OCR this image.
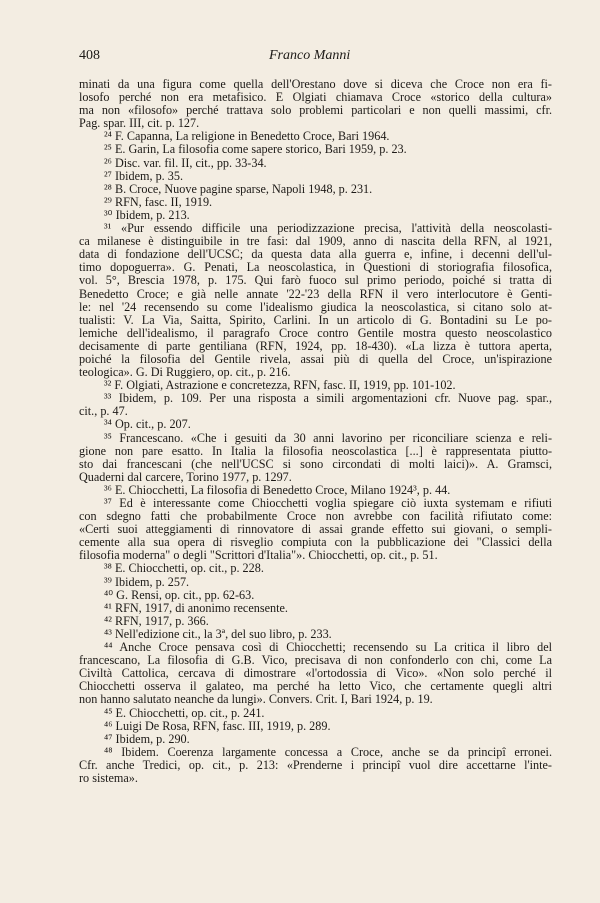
408	Franco Manni
minati da una figura come quella dell'Orestano dove si diceva che Croce non era fi-
losofo perché non era metafisico. E Olgiati chiamava Croce «storico della cultura»
ma non «filosofo» perché trattava solo problemi particolari e non quelli massimi, cfr.
Pag. spar. III, cit. p. 127.
²⁴ F. Capanna, La religione in Benedetto Croce, Bari 1964.
²⁵ E. Garin, La filosofia come sapere storico, Bari 1959, p. 23.
²⁶ Disc. var. fil. II, cit., pp. 33-34.
²⁷ Ibidem, p. 35.
²⁸ B. Croce, Nuove pagine sparse, Napoli 1948, p. 231.
²⁹ RFN, fasc. II, 1919.
³⁰ Ibidem, p. 213.
³¹ «Pur essendo difficile una periodizzazione precisa, l'attività della neoscolasti-
ca milanese è distinguibile in tre fasi: dal 1909, anno di nascita della RFN, al 1921,
data di fondazione dell'UCSC; da questa data alla guerra e, infine, i decenni dell'ul-
timo dopoguerra». G. Penati, La neoscolastica, in Questioni di storiografia filosofica,
vol. 5°, Brescia 1978, p. 175. Qui farò fuoco sul primo periodo, poiché si tratta di
Benedetto Croce; e già nelle annate '22-'23 della RFN il vero interlocutore è Genti-
le: nel '24 recensendo su come l'idealismo giudica la neoscolastica, si citano solo at-
tualisti: V. La Via, Saitta, Spirito, Carlini. In un articolo di G. Bontadini su Le po-
lemiche dell'idealismo, il paragrafo Croce contro Gentile mostra questo neoscolastico
decisamente di parte gentiliana (RFN, 1924, pp. 18-430). «La lizza è tuttora aperta,
poiché la filosofia del Gentile rivela, assai più di quella del Croce, un'ispirazione
teologica». G. Di Ruggiero, op. cit., p. 216.
³² F. Olgiati, Astrazione e concretezza, RFN, fasc. II, 1919, pp. 101-102.
³³ Ibidem, p. 109. Per una risposta a simili argomentazioni cfr. Nuove pag. spar.,
cit., p. 47.
³⁴ Op. cit., p. 207.
³⁵ Francescano. «Che i gesuiti da 30 anni lavorino per riconciliare scienza e reli-
gione non pare esatto. In Italia la filosofia neoscolastica [...] è rappresentata piutto-
sto dai francescani (che nell'UCSC si sono circondati di molti laici)». A. Gramsci,
Quaderni dal carcere, Torino 1977, p. 1297.
³⁶ E. Chiocchetti, La filosofia di Benedetto Croce, Milano 1924³, p. 44.
³⁷ Ed è interessante come Chiocchetti voglia spiegare ciò iuxta systemam e rifiuti
con sdegno fatti che probabilmente Croce non avrebbe con facilità rifiutato come:
«Certi suoi atteggiamenti di rinnovatore di assai grande effetto sui giovani, o sempli-
cemente alla sua opera di risveglio compiuta con la pubblicazione dei "Classici della
filosofia moderna" o degli "Scrittori d'Italia"». Chiocchetti, op. cit., p. 51.
³⁸ E. Chiocchetti, op. cit., p. 228.
³⁹ Ibidem, p. 257.
⁴⁰ G. Rensi, op. cit., pp. 62-63.
⁴¹ RFN, 1917, di anonimo recensente.
⁴² RFN, 1917, p. 366.
⁴³ Nell'edizione cit., la 3ª, del suo libro, p. 233.
⁴⁴ Anche Croce pensava così di Chiocchetti; recensendo su La critica il libro del
francescano, La filosofia di G.B. Vico, precisava di non confonderlo con chi, come La
Civiltà Cattolica, cercava di dimostrare «l'ortodossia di Vico». «Non solo perché il
Chiocchetti osserva il galateo, ma perché ha letto Vico, che certamente quegli altri
non hanno salutato neanche da lungi». Convers. Crit. I, Bari 1924, p. 19.
⁴⁵ E. Chiocchetti, op. cit., p. 241.
⁴⁶ Luigi De Rosa, RFN, fasc. III, 1919, p. 289.
⁴⁷ Ibidem, p. 290.
⁴⁸ Ibidem. Coerenza largamente concessa a Croce, anche se da principî erronei.
Cfr. anche Tredici, op. cit., p. 213: «Prenderne i principî vuol dire accettarne l'inte-
ro sistema».
